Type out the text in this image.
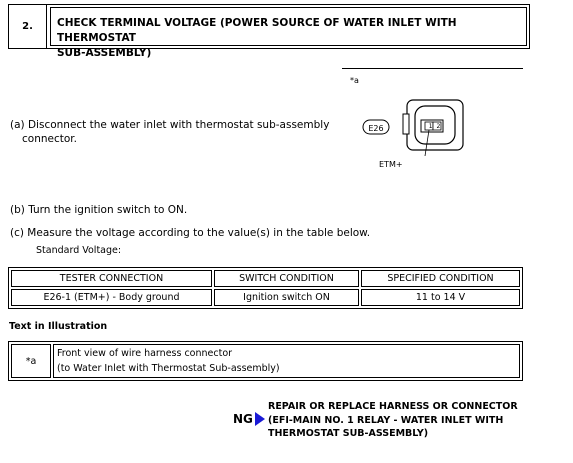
2.	CHECK TERMINAL VOLTAGE (POWER SOURCE OF WATER INLET WITH THERMOSTAT
SUB-ASSEMBLY)
*a
E26	1 2
ETM+
(a) Disconnect the water inlet with thermostat sub-assembly
connector.
(b) Turn the ignition switch to ON.
(c) Measure the voltage according to the value(s) in the table below.
Standard Voltage:
TESTER CONNECTION	SWITCH CONDITION	SPECIFIED CONDITION
E26-1 (ETM+) - Body ground	Ignition switch ON	11 to 14 V
Text in Illustration
*a	
Front view of wire harness connector
(to Water Inlet with Thermostat Sub-assembly)
NG
REPAIR OR REPLACE HARNESS OR CONNECTOR
(EFI-MAIN NO. 1 RELAY - WATER INLET WITH
THERMOSTAT SUB-ASSEMBLY)
